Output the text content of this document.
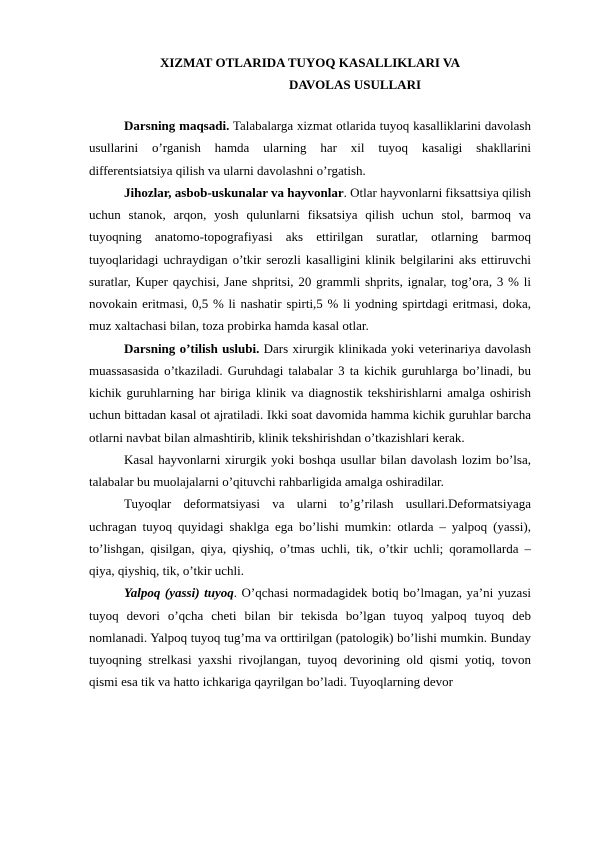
XIZMAT OTLARIDA TUYOQ KASALLIKLARI VA
DAVOLAS USULLARI

Darsning maqsadi. Talabalarga xizmat otlarida tuyoq kasalliklarini davolash usullarini o’rganish hamda ularning har xil tuyoq kasaligi shakllarini differentsiatsiya qilish va ularni davolashni o’rgatish.

Jihozlar, asbob-uskunalar va hayvonlar. Otlar hayvonlarni fiksattsiya qilish uchun stanok, arqon, yosh qulunlarni fiksatsiya qilish uchun stol, barmoq va tuyoqning anatomo-topografiyasi aks ettirilgan suratlar, otlarning barmoq tuyoqlaridagi uchraydigan o’tkir serozli kasalligini klinik belgilarini aks ettiruvchi suratlar, Kuper qaychisi, Jane shpritsi, 20 grammli shprits, ignalar, tog’ora, 3 % li novokain eritmasi, 0,5 % li nashatir spirti,5 % li yodning spirtdagi eritmasi, doka, muz xaltachasi bilan, toza probirka hamda kasal otlar.

Darsning o’tilish uslubi. Dars xirurgik klinikada yoki veterinariya davolash muassasasida o’tkaziladi. Guruhdagi talabalar 3 ta kichik guruhlarga bo’linadi, bu kichik guruhlarning har biriga klinik va diagnostik tekshirishlarni amalga oshirish uchun bittadan kasal ot ajratiladi. Ikki soat davomida hamma kichik guruhlar barcha otlarni navbat bilan almashtirib, klinik tekshirishdan o’tkazishlari kerak.

Kasal hayvonlarni xirurgik yoki boshqa usullar bilan davolash lozim bo’lsa, talabalar bu muolajalarni o’qituvchi rahbarligida amalga oshiradilar.

Tuyoqlar deformatsiyasi va ularni to’g’rilash usullari.Deformatsiyaga uchragan tuyoq quyidagi shaklga ega bo’lishi mumkin: otlarda – yalpoq (yassi), to’lishgan, qisilgan, qiya, qiyshiq, o’tmas uchli, tik, o’tkir uchli; qoramollarda – qiya, qiyshiq, tik, o’tkir uchli.

Yalpoq (yassi) tuyoq. O’qchasi normadagidek botiq bo’lmagan, ya’ni yuzasi tuyoq devori o’qcha cheti bilan bir tekisda bo’lgan tuyoq yalpoq tuyoq deb nomlanadi. Yalpoq tuyoq tug’ma va orttirilgan (patologik) bo’lishi mumkin. Bunday tuyoqning strelkasi yaxshi rivojlangan, tuyoq devorining old qismi yotiq, tovon qismi esa tik va hatto ichkariga qayrilgan bo’ladi. Tuyoqlarning devor
